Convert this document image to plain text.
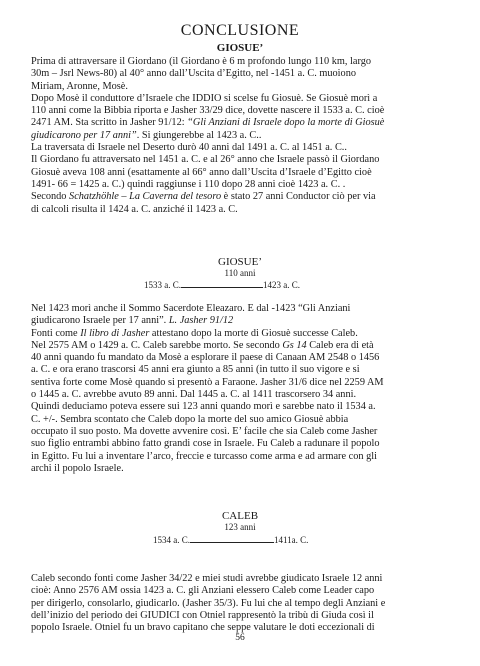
CONCLUSIONE
GIOSUE’
Prima di attraversare il Giordano (il Giordano è 6 m profondo lungo 110 km, largo
30m – Jsrl News-80) al 40° anno dall’Uscita d’Egitto, nel -1451 a. C. muoiono
Miriam, Aronne, Mosè.
Dopo Mosè il conduttore d’Israele che IDDIO si scelse fu Giosuè. Se Giosuè morì a
110 anni come la Bibbia riporta e Jasher 33/29 dice, dovette nascere il 1533 a. C. cioè
2471 AM. Sta scritto in Jasher 91/12: “Gli Anziani di Israele dopo la morte di Giosuè
giudicarono per 17 anni”. Si giungerebbe al 1423 a. C..
La traversata di Israele nel Deserto durò 40 anni dal 1491 a. C. al 1451 a. C..
Il Giordano fu attraversato nel 1451 a. C. e al 26° anno che Israele passò il Giordano
Giosuè aveva 108 anni (esattamente al 66° anno dall’Uscita d’Israele d’Egitto cioè
1491- 66 = 1425 a. C.) quindi raggiunse i 110 dopo 28 anni cioè 1423 a. C. .
Secondo Schatzhöhle – La Caverna del tesoro è stato 27 anni Conductor ciò per via
di calcoli risulta il 1424 a. C. anziché il 1423 a. C.
GIOSUE’
110 anni
1533 a. C.	1423 a. C.
Nel 1423 morì anche il Sommo Sacerdote Eleazaro. E dal -1423 “Gli Anziani
giudicarono Israele per 17 anni”. L. Jasher 91/12
Fonti come Il libro di Jasher attestano dopo la morte di Giosuè successe Caleb.
Nel 2575 AM o 1429 a. C. Caleb sarebbe morto. Se secondo Gs 14 Caleb era di età
40 anni quando fu mandato da Mosè a esplorare il paese di Canaan AM 2548 o 1456
a. C. e ora erano trascorsi 45 anni era giunto a 85 anni (in tutto il suo vigore e si
sentiva forte come Mosè quando si presentò a Faraone. Jasher 31/6 dice nel 2259 AM
o 1445 a. C. avrebbe avuto 89 anni. Dal 1445 a. C. al 1411 trascorsero 34 anni.
Quindi deduciamo poteva essere sui 123 anni quando morì e sarebbe nato il 1534 a.
C. +/-. Sembra scontato che Caleb dopo la morte del suo amico Giosuè abbia
occupato il suo posto. Ma dovette avvenire così. E’ facile che sia Caleb come Jasher
suo figlio entrambi abbino fatto grandi cose in Israele. Fu Caleb a radunare il popolo
in Egitto. Fu lui a inventare l’arco, freccie e turcasso come arma e ad armare con gli
archi il popolo Israele.
CALEB
123 anni
1534 a. C.	1411a. C.
Caleb secondo fonti come Jasher 34/22 e miei studi avrebbe giudicato Israele 12 anni
cioè: Anno 2576 AM ossia 1423 a. C. gli Anziani elessero Caleb come Leader capo
per dirigerlo, consolarlo, giudicarlo. (Jasher 35/3). Fu lui che al tempo degli Anziani e
dell’inizio del periodo dei GIUDICI con Otniel rappresentò la tribù di Giuda così il
popolo Israele. Otniel fu un bravo capitano che seppe valutare le doti eccezionali di
56
